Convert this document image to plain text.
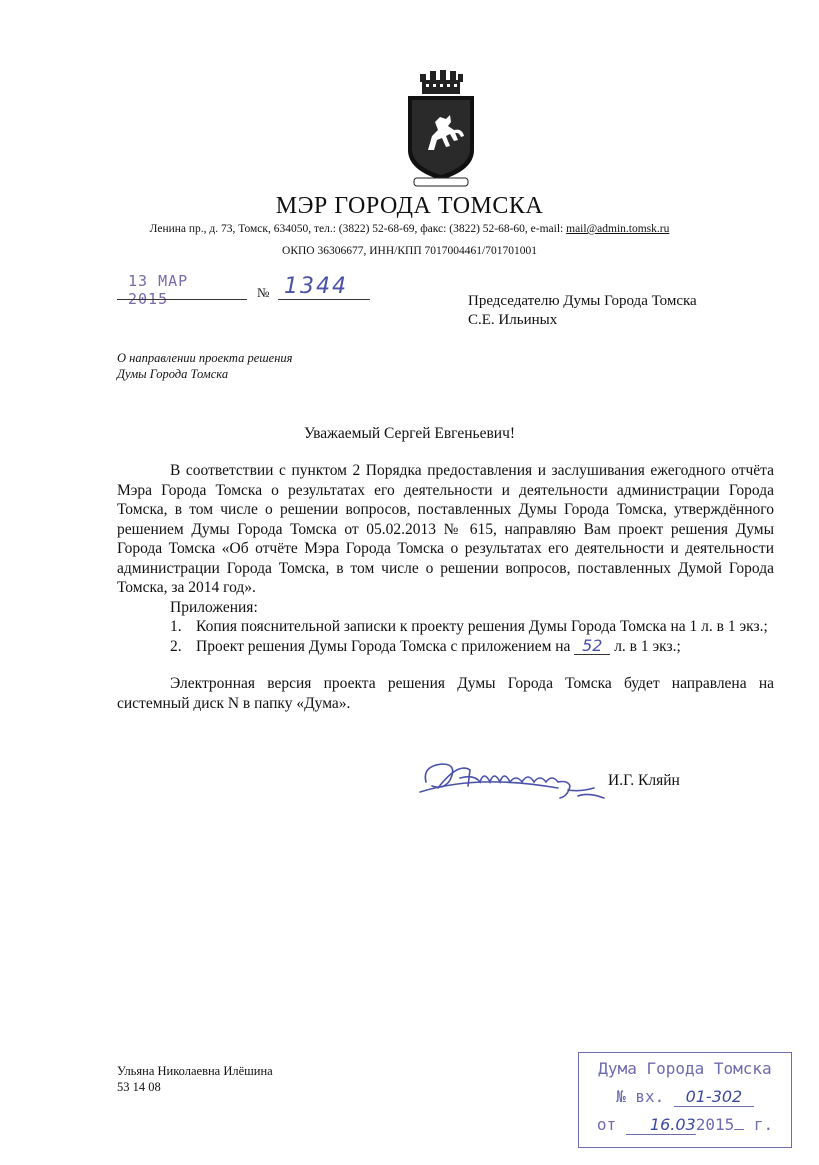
МЭР ГОРОДА ТОМСКА
Ленина пр., д. 73, Томск, 634050, тел.: (3822) 52-68-69, факс: (3822) 52-68-60, e-mail: mail@admin.tomsk.ru
ОКПО 36306677, ИНН/КПП 7017004461/701701001
13 МАР 2015	№ 1344
Председателю Думы Города Томска
С.Е. Ильиных
О направлении проекта решения
Думы Города Томска
Уважаемый Сергей Евгеньевич!

В соответствии с пунктом 2 Порядка предоставления и заслушивания ежегодного отчёта Мэра Города Томска о результатах его деятельности и деятельности администрации Города Томска, в том числе о решении вопросов, поставленных Думы Города Томска, утверждённого решением Думы Города Томска от 05.02.2013 № 615, направляю Вам проект решения Думы Города Томска «Об отчёте Мэра Города Томска о результатах его деятельности и деятельности администрации Города Томска, в том числе о решении вопросов, поставленных Думой Города Томска, за 2014 год».

Приложения:

1. Копия пояснительной записки к проекту решения Думы Города Томска на 1 л. в 1 экз.;
2. Проект решения Думы Города Томска с приложением на 52 л. в 1 экз.;

Электронная версия проекта решения Думы Города Томска будет направлена на системный диск N в папку «Дума».

И.Г. Кляйн
Ульяна Николаевна Илёшина
53 14 08
Дума Города Томска
№ вх. 01-302
от 16.032015 г.
